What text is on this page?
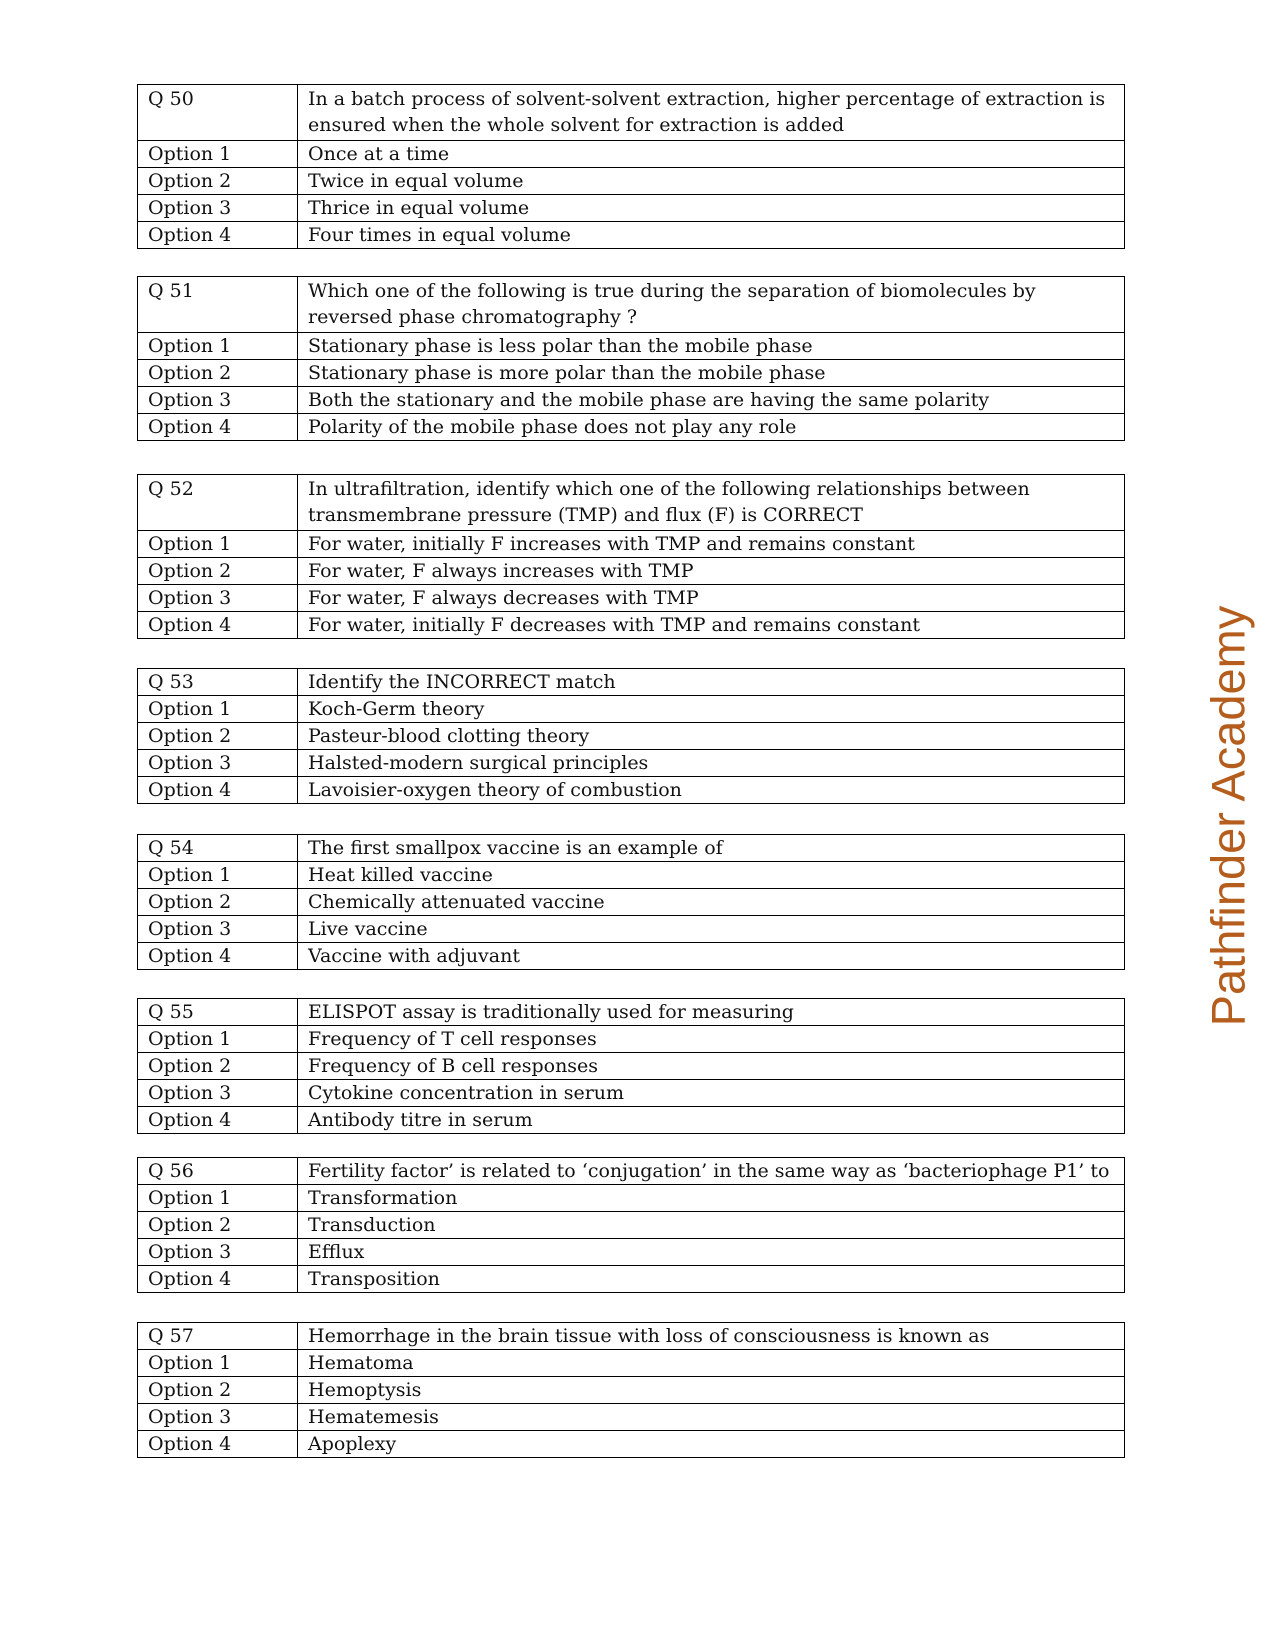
Pathfinder Academy
Q 50	In a batch process of solvent-solvent extraction, higher percentage of extraction is ensured when the whole solvent for extraction is added
Option 1	Once at a time
Option 2	Twice in equal volume
Option 3	Thrice in equal volume
Option 4	Four times in equal volume
Q 51	Which one of the following is true during the separation of biomolecules by reversed phase chromatography ?
Option 1	Stationary phase is less polar than the mobile phase
Option 2	Stationary phase is more polar than the mobile phase
Option 3	Both the stationary and the mobile phase are having the same polarity
Option 4	Polarity of the mobile phase does not play any role
Q 52	In ultrafiltration, identify which one of the following relationships between transmembrane pressure (TMP) and flux (F) is CORRECT
Option 1	For water, initially F increases with TMP and remains constant
Option 2	For water, F always increases with TMP
Option 3	For water, F always decreases with TMP
Option 4	For water, initially F decreases with TMP and remains constant
Q 53	Identify the INCORRECT match
Option 1	Koch-Germ theory
Option 2	Pasteur-blood clotting theory
Option 3	Halsted-modern surgical principles
Option 4	Lavoisier-oxygen theory of combustion
Q 54	The first smallpox vaccine is an example of
Option 1	Heat killed vaccine
Option 2	Chemically attenuated vaccine
Option 3	Live vaccine
Option 4	Vaccine with adjuvant
Q 55	ELISPOT assay is traditionally used for measuring
Option 1	Frequency of T cell responses
Option 2	Frequency of B cell responses
Option 3	Cytokine concentration in serum
Option 4	Antibody titre in serum
Q 56	Fertility factor’ is related to ‘conjugation’ in the same way as ‘bacteriophage P1’ to
Option 1	Transformation
Option 2	Transduction
Option 3	Efflux
Option 4	Transposition
Q 57	Hemorrhage in the brain tissue with loss of consciousness is known as
Option 1	Hematoma
Option 2	Hemoptysis
Option 3	Hematemesis
Option 4	Apoplexy
